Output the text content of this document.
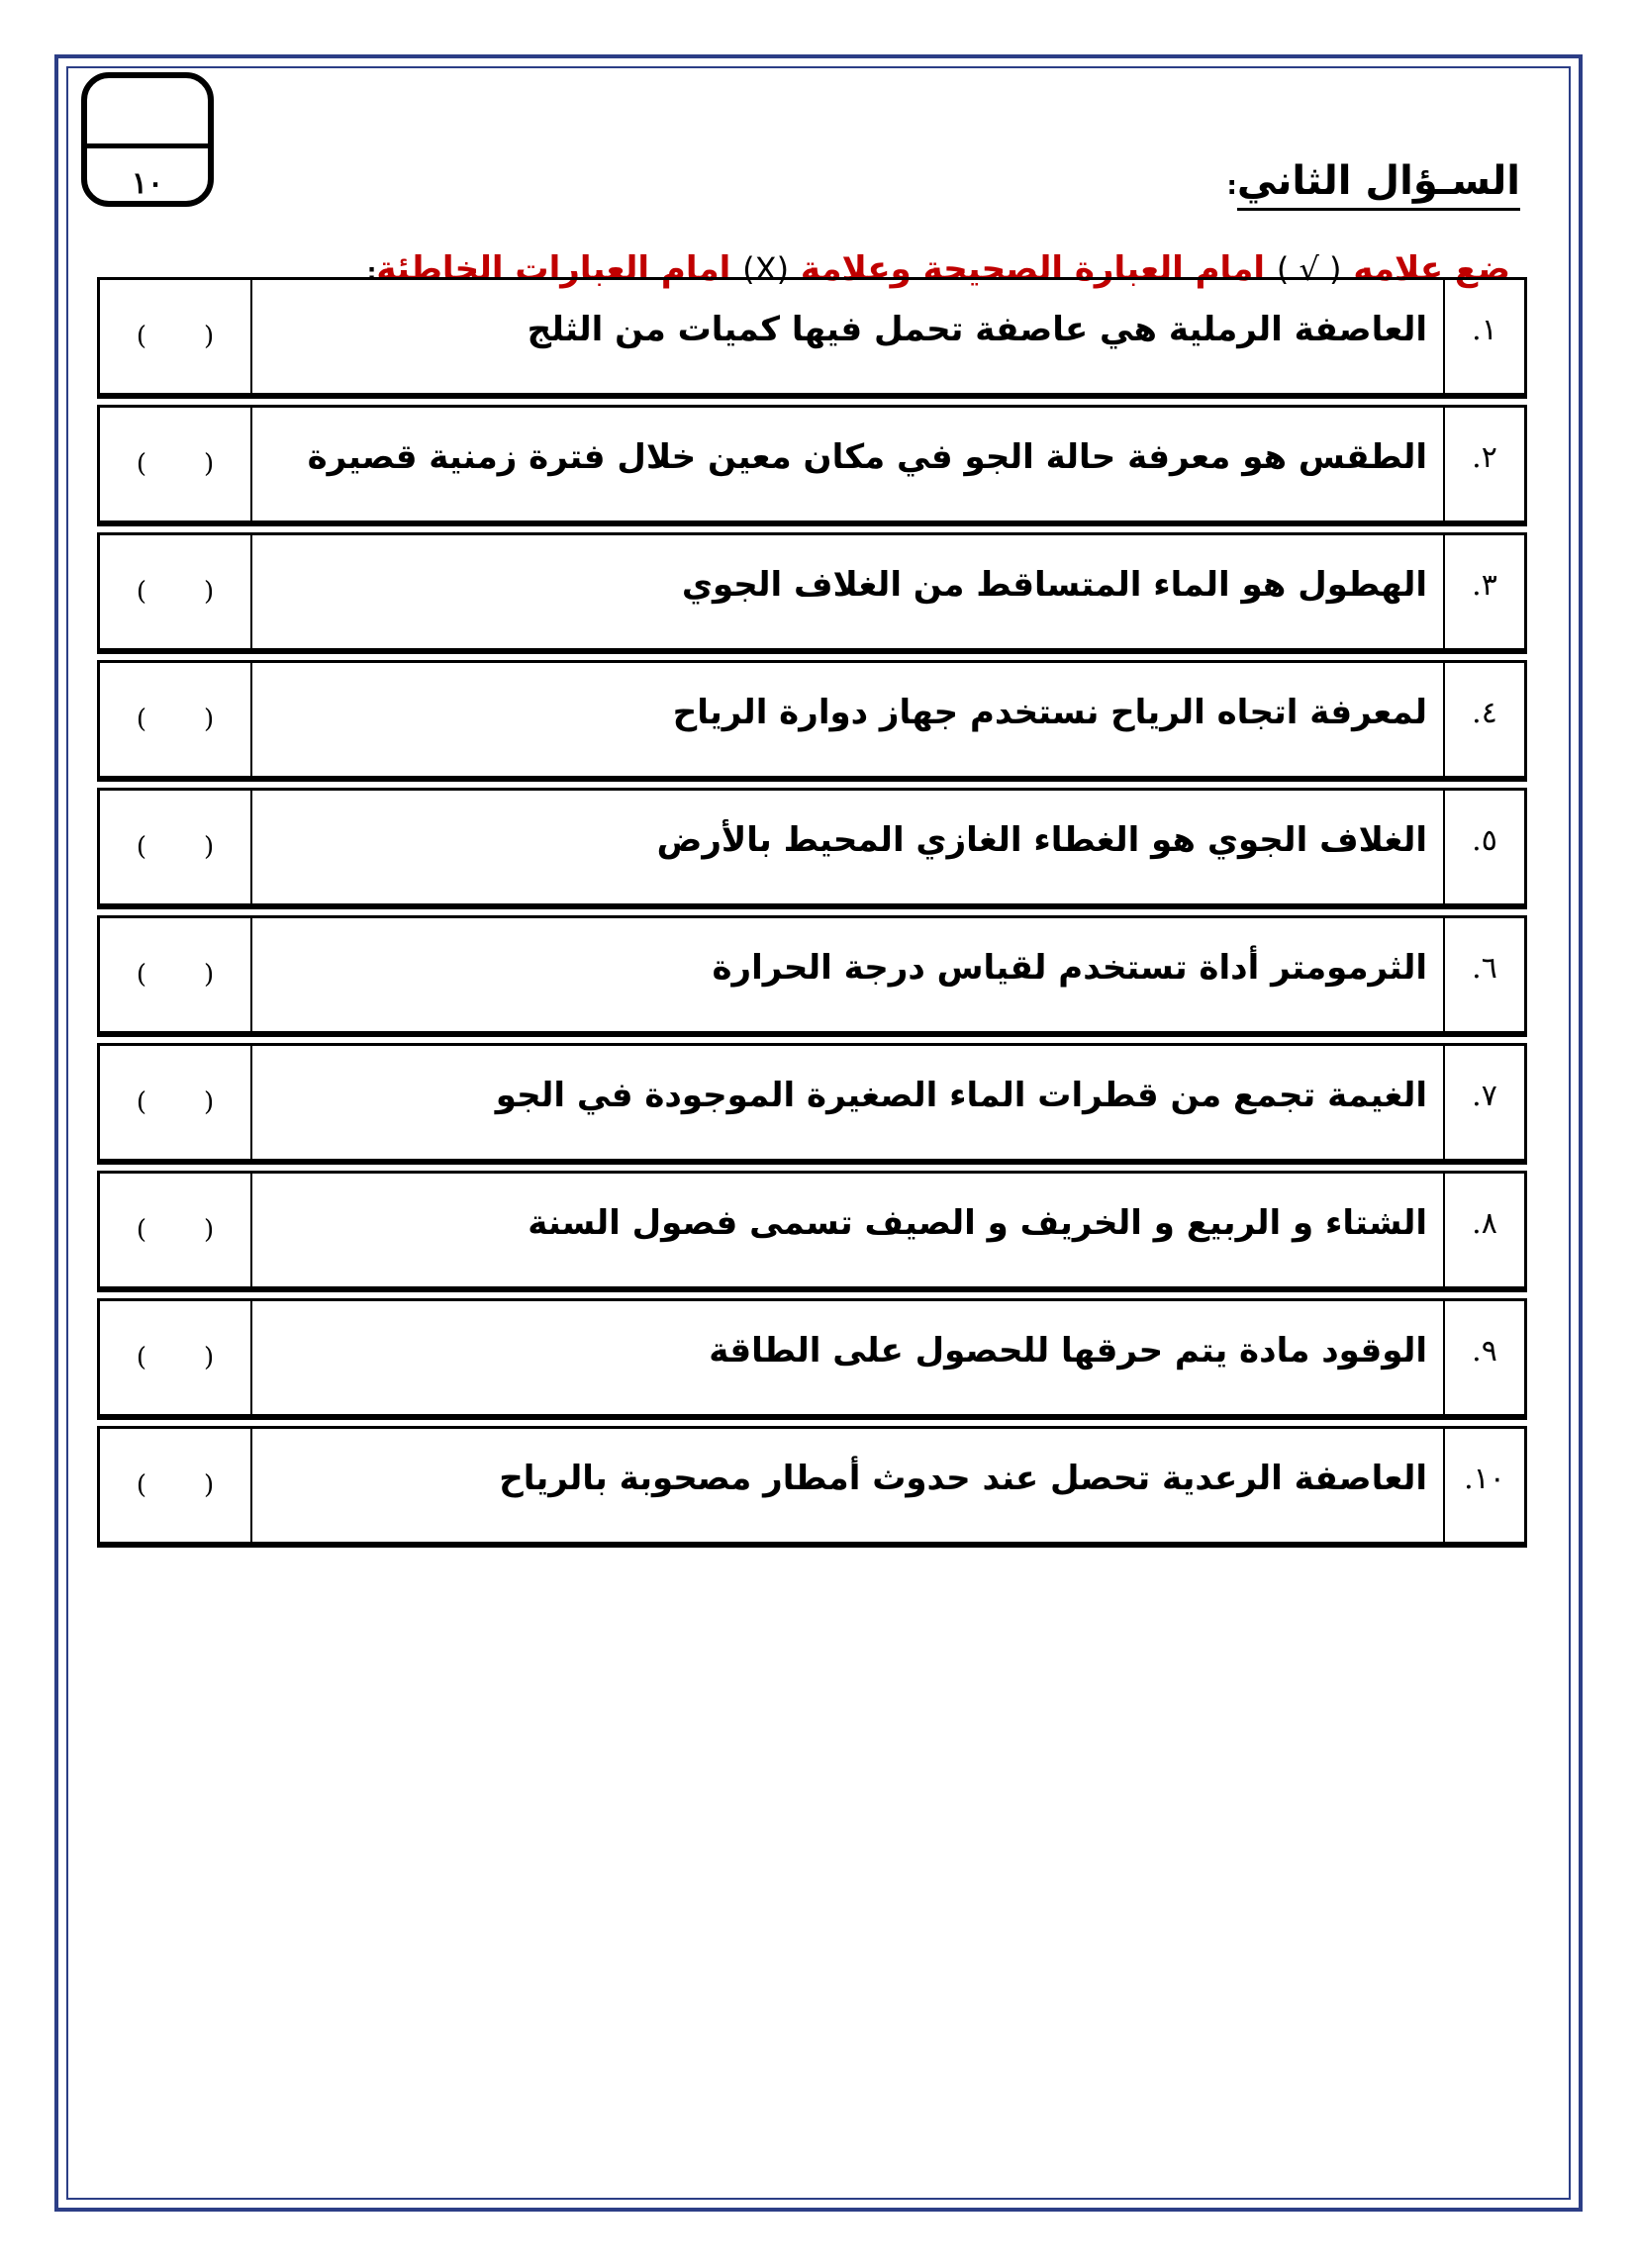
١٠	السـؤال الثاني:
ضع علامه ( √ ) امام العبارة الصحيحة وعلامة (X) امام العبارات الخاطئة:
( )	العاصفة الرملية هي عاصفة تحمل فيها كميات من الثلج	١.
( )	الطقس هو معرفة حالة الجو في مكان معين خلال فترة زمنية قصيرة	٢.
( )	الهطول هو الماء المتساقط من الغلاف الجوي	٣.
( )	لمعرفة اتجاه الرياح نستخدم جهاز دوارة الرياح	٤.
( )	الغلاف الجوي هو الغطاء الغازي المحيط بالأرض	٥.
( )	الثرمومتر أداة تستخدم لقياس درجة الحرارة	٦.
( )	الغيمة تجمع من قطرات الماء الصغيرة الموجودة في الجو	٧.
( )	الشتاء و الربيع و الخريف و الصيف تسمى فصول السنة	٨.
( )	الوقود مادة يتم حرقها للحصول على الطاقة	٩.
( )	العاصفة الرعدية تحصل عند حدوث أمطار مصحوبة بالرياح	١٠.
